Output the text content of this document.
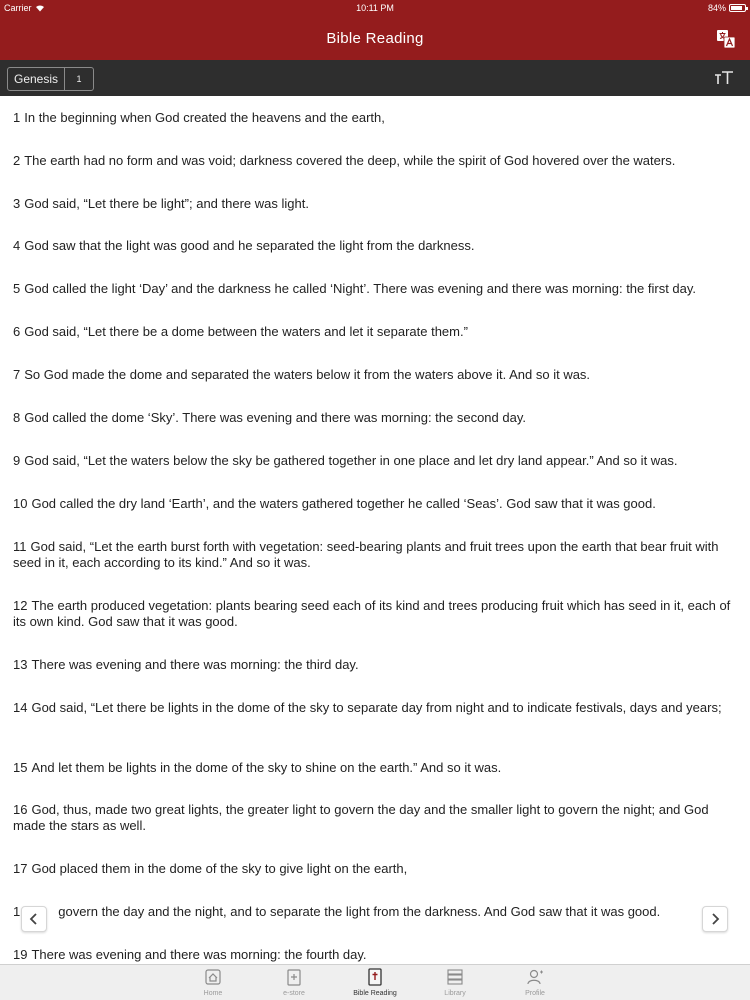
Carrier	10:11 PM	84%
Bible Reading
Genesis	1

1 In the beginning when God created the heavens and the earth,

2 The earth had no form and was void; darkness covered the deep, while the spirit of God hovered over the waters.

3 God said, “Let there be light”; and there was light.

4 God saw that the light was good and he separated the light from the darkness.

5 God called the light ‘Day’ and the darkness he called ‘Night’. There was evening and there was morning: the first day.

6 God said, “Let there be a dome between the waters and let it separate them.”

7 So God made the dome and separated the waters below it from the waters above it. And so it was.

8 God called the dome ‘Sky’. There was evening and there was morning: the second day.

9 God said, “Let the waters below the sky be gathered together in one place and let dry land appear.” And so it was.

10 God called the dry land ‘Earth’, and the waters gathered together he called ‘Seas’. God saw that it was good.

11 God said, “Let the earth burst forth with vegetation: seed-bearing plants and fruit trees upon the earth that bear fruit with seed in it, each according to its kind.” And so it was.

12 The earth produced vegetation: plants bearing seed each of its kind and trees producing fruit which has seed in it, each of its own kind. God saw that it was good.

13 There was evening and there was morning: the third day.

14 God said, “Let there be lights in the dome of the sky to separate day from night and to indicate festivals, days and years;

15 And let them be lights in the dome of the sky to shine on the earth.” And so it was.

16 God, thus, made two great lights, the greater light to govern the day and the smaller light to govern the night; and God made the stars as well.

17 God placed them in the dome of the sky to give light on the earth,

1	govern the day and the night, and to separate the light from the darkness. And God saw that it was good.

19 There was evening and there was morning: the fourth day.

Home	e-store	Bible Reading	Library	Profile
